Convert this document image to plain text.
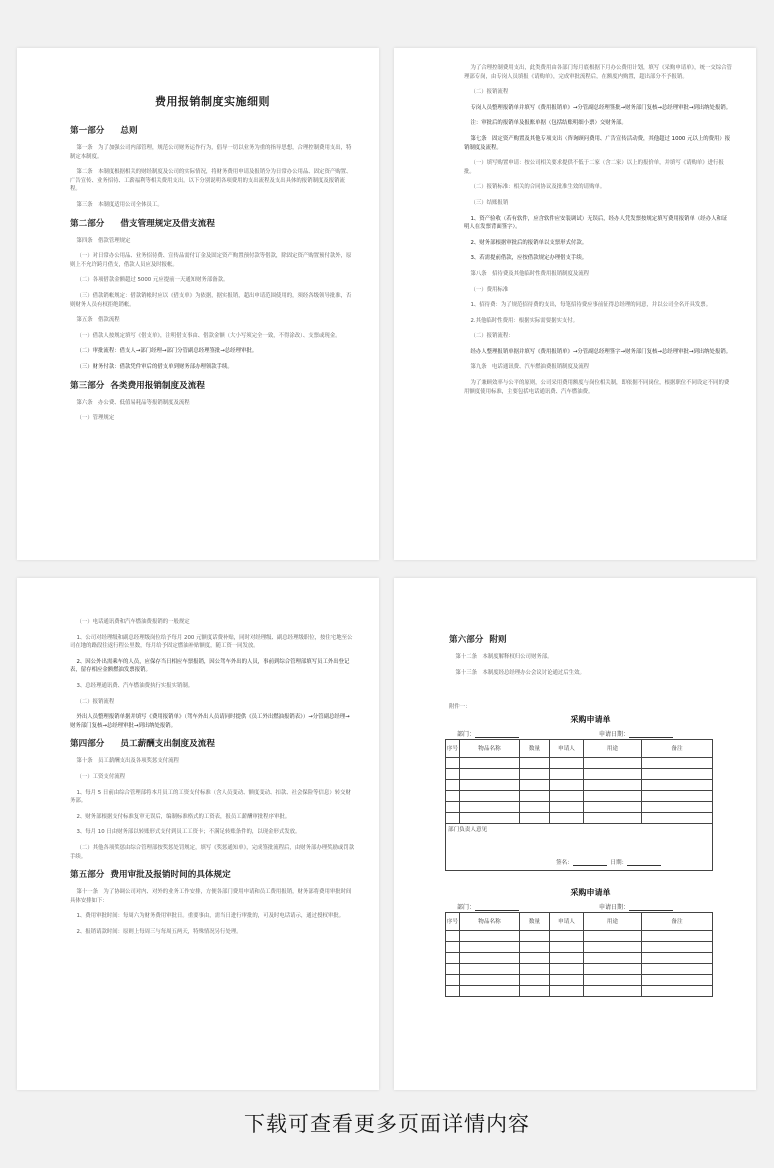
费用报销制度实施细则
第一部分 总则

第一条　为了加强公司内部管理，规范公司财务运作行为，倡导一切以业务为重的指导思想，合理控制费用支出，特制定本制度。

第二条　本制度根据相关的财经制度及公司的实际情况，将财务费用申请及报销分为日常办公用品、固定资产购置、广告宣传、业务招待、工薪福利等相关费用支出。以下分别说明各项费用的支出流程及支出具体的报销制度及报销流程。

第三条　本制度适用公司全体员工。

第二部分 借支管理规定及借支流程

第四条　借款管理规定

（一）对日常办公用品、业务招待费、宣传品需付订金及固定资产购置预付款等借款，除固定资产购置预付款外，原则上不允许跨月借支，借款人员应及时报帐。

（二）各项借款金额超过 5000 元应提前一天通知财务部备款。

（三）借款销帐规定：借款销帐时应以《借支单》为依据，据实报销，超出申请范围使用的，须经各级领导批准，否则财务人员有权拒绝销帐。

第五条　借款流程

（一）借款人按规定填写《借支单》，注明借支事由、借款金额（大小写须完全一致，不得涂改）、支票或现金。

（二）审批流程：借支人→部门经理→部门分管副总经理签批→总经理审批。

（三）财务付款：借款凭件审后的借支单到财务部办理领款手续。

第三部分 各类费用报销制度及流程

第六条　办公费、低值易耗品等报销制度及流程

（一）管理规定

为了合理控制费用支出，此类费用由各部门每月底根据下月办公费用计划，填写《采购申请单》，统一交综合管理部专岗，由专岗人员填报《请购单》，完成审批流程后，在额度内购置，超出部分不予报销。

（二）报销流程

专岗人员整理报销单并填写《费用报销单》→分管副总经理签批→财务部门复核→总经理审批→到出纳处报销。

注：审批后的报销单及报账单据（包括结账明细小票）交财务部。

第七条　固定资产购置及其他专项支出（咨询顾问费用、广告宣传活动费，其他超过 1000 元以上的费用）报销制度及流程。

（一）填写购置申请：按公司相关要求提供不低于二家（含二家）以上的报价单，并填写《请购单》进行报批。

（二）报销标准：相关的合同协议及批准生效的请购单。

（三）结账报销

1、资产验收（若有软件，应含软件应安装调试）无误后，经办人凭发票按规定填写费用报销单（经办人和证明人在发票背面签字）。

2、财务部根据审批后的报销单以支票形式付款。

3、若需提前借款，应按借款规定办理借支手续。

第八条　招待费及其他临时性费用报销制度及流程

（一）费用标准

1、招待费：为了规范招待费的支出，每笔招待费应事前征得总经理的同意，并以公司全名开具发票。

2.其他临时性费用：根据实际需要据实支付。

（二）报销流程：

经办人整理报销单据并填写《费用报销单》→分管副总经理签字→财务部门复核→总经理审批→到出纳处报销。

第九条　电话通讯费、汽车燃油费报销制度及流程

为了兼顾效率与公平的原则，公司采用费用额度与岗位相关制，即依据不同岗位，根据职位不同设定不同的费用额度使用标准，主要包括电话通讯费、汽车燃油费。

（一）电话通讯费和汽车燃油费报销的一般规定

1、公司对经理级和副总经理级岗位给予每月 200 元额度话费补贴，同时对经理级、副总经理级职位，按住宅地至公司在地的路段往返行程公里数，每月给予固定燃油补贴额度，随工资一同发放。

2、因公外出需乘车的人员，应保存当日相应车票报销，因公驾车外出的人员，事前到综合管理部填写员工外出登记表，留存相应金额燃油发票报销。

3、总经理通讯费、汽车燃油费执行实报实销制。

（二）报销流程

外出人员整理报销单据并填写《费用报销单》（驾车外出人员请同时提供《员工外出燃油报销表》）→分管副总经理→财务部门复核→总经理审批→到出纳处报销。

第四部分 员工薪酬支出制度及流程

第十条　员工薪酬支出及各项奖惩支付流程

（一）工资支付流程

1、每月 5 日前由综合管理部将本月员工的工资支付标准（含人员变动、额度变动、扣款、社会保险等信息）转交财务部。

2、财务部根据支付标准复审无误后，编制标准格式的工资表，报员工薪酬审批程序审批。

3、每月 10 日由财务部以转账形式支付到员工工资卡；不满足转账条件的，以现金形式发放。

（二）其他各项奖惩由综合管理部按奖惩处罚规定，填写《奖惩通知单》，完成签批流程后，由财务部办理奖励或罚款手续。

第五部分 费用审批及报销时间的具体规定

第十一条　为了协调公司对内、对外的业务工作安排，方便各部门费用申请和员工费用报销，财务部将费用审批时间具体安排如下：

1、费用审批时间：每周六为财务费用审批日。重要事由，需当日进行审批的，可及时电话请示，通过授权审批。

2、报销请款时间：原则上每周三与每周五两天，特殊情况另行处理。

第六部分 附则

第十二条　本制度解释权归公司财务部。

第十三条　本制度经总经理办公会议讨论通过后生效。

附件一：
采购申请单
部门：	申请日期：
序号	物品名称	数量	申请人	用途	备注

部门负责人意见
签名： 日期：					
采购申请单
部门：	申请日期：
序号	物品名称	数量	申请人	用途	备注

下载可查看更多页面详情内容
